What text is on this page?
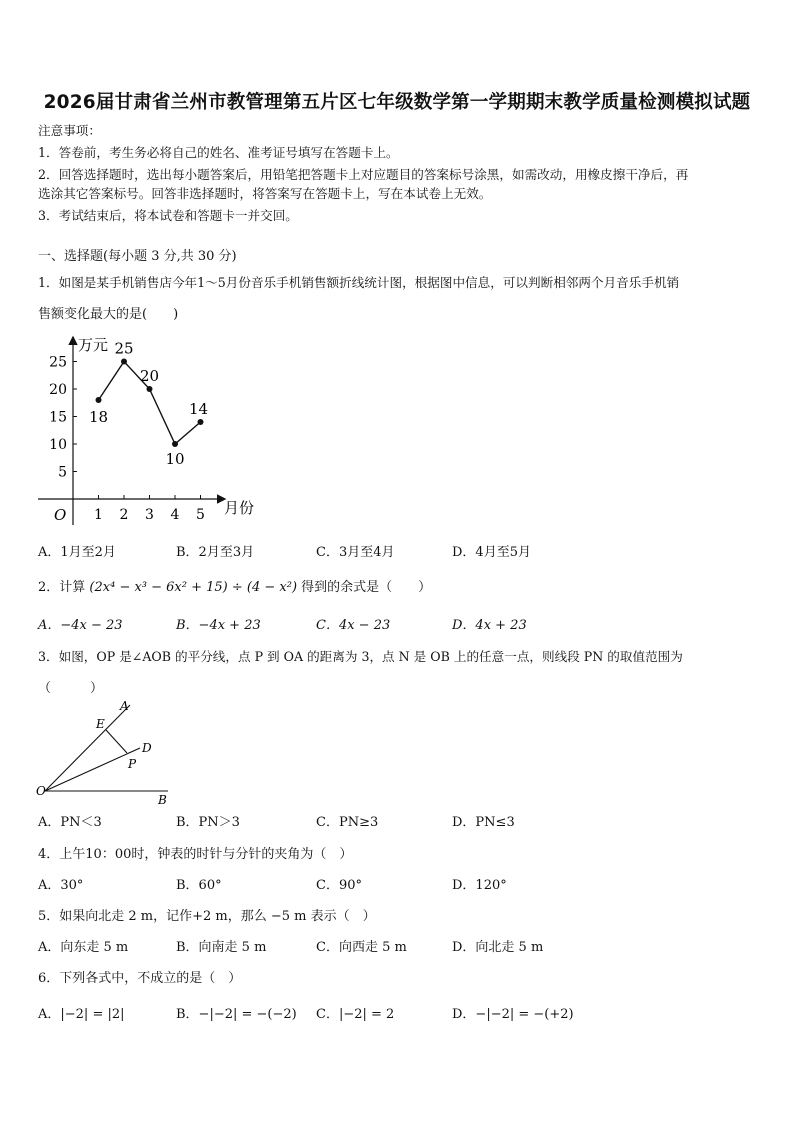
2026届甘肃省兰州市教管理第五片区七年级数学第一学期期末教学质量检测模拟试题
注意事项：
1．答卷前，考生务必将自己的姓名、准考证号填写在答题卡上。
2．回答选择题时，选出每小题答案后，用铅笔把答题卡上对应题目的答案标号涂黑，如需改动，用橡皮擦干净后，再
选涂其它答案标号。回答非选择题时，将答案写在答题卡上，写在本试卷上无效。
3．考试结束后，将本试卷和答题卡一并交回。
一、选择题(每小题 3 分,共 30 分)
1．如图是某手机销售店今年1～5月份音乐手机销售额折线统计图，根据图中信息，可以判断相邻两个月音乐手机销
售额变化最大的是(　　)
万元
月份
O
5
10
15
20
25
1 2 3 4 5
18
25
20
10
14
A．1月至2月	B．2月至3月	C．3月至4月	D．4月至5月
2．计算 (2x⁴ − x³ − 6x² + 15) ÷ (4 − x²) 得到的余式是（　　）
A．−4x − 23	B．−4x + 23	C．4x − 23	D．4x + 23
3．如图，OP 是∠AOB 的平分线，点 P 到 OA 的距离为 3，点 N 是 OB 上的任意一点，则线段 PN 的取值范围为
（　　　）
A
E
D
P
O
B
A．PN＜3	B．PN＞3	C．PN≥3	D．PN≤3
4．上午10：00时，钟表的时针与分针的夹角为（　）
A．30°	B．60°	C．90°	D．120°
5．如果向北走 2 m，记作+2 m，那么 −5 m 表示（　）
A．向东走 5 m	B．向南走 5 m	C．向西走 5 m	D．向北走 5 m
6．下列各式中，不成立的是（　）
A．|−2| = |2|	B．−|−2| = −(−2) C．|−2| = 2	D．−|−2| = −(+2)
